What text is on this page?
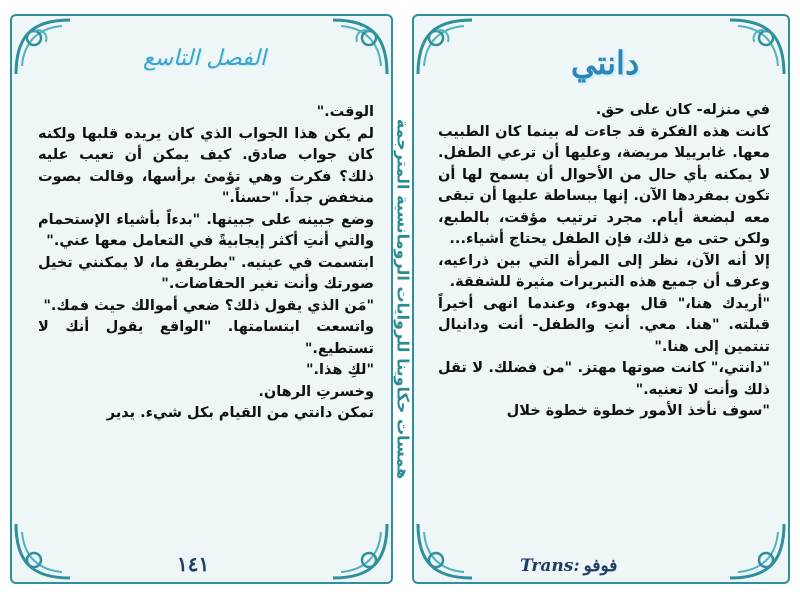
الفصل التاسع

الوقت."

لم يكن هذا الجواب الذي كان يريده قلبها ولكنه كان جواب صادق. كيف يمكن أن تعيب عليه ذلك؟ فكرت وهي تؤمئ برأسها، وقالت بصوت منخفض جداً. "حسناً."

وضع جبينه على جبينها. "بدءاً بأشياء الإستحمام والتي أنتِ أكثر إيجابيةً في التعامل معها عني."

ابتسمت في عينيه. "بطريقةٍ ما، لا يمكنني تخيل صورتك وأنت تغير الحفاضات."

"مَن الذي يقول ذلك؟ ضعي أموالك حيث فمك."

واتسعت ابتسامتها. "الواقع يقول أنك لا تستطيع."

"لكِ هذا."

وخسرتِ الرهان.

تمكن دانتي من القيام بكل شيء. يدير

١٤١
همسات حكاوينا للروايات الرومانسية المترجمة
دانتي

في منزله- كان على حق.

كانت هذه الفكرة قد جاءت له بينما كان الطبيب معها. غابرييلا مريضة، وعليها أن ترعي الطفل. لا يمكنه بأي حال من الأحوال أن يسمح لها أن تكون بمفردها الآن. إنها ببساطة عليها أن تبقى معه لبضعة أيام. مجرد ترتيب مؤقت، بالطبع، ولكن حتى مع ذلك، فإن الطفل يحتاج أشياء...

إلا أنه الآن، نظر إلى المرأة التي بين ذراعيه، وعرف أن جميع هذه التبريرات مثيرة للشفقة.

"أريدك هنا،" قال بهدوء، وعندما انهى أخيراً قبلته. "هنا. معي. أنتِ والطفل- أنت ودانيال تنتمين إلى هنا."

"دانتي،" كانت صوتها مهتز. "من فضلك. لا تقل ذلك وأنت لا تعنيه."

"سوف نأخذ الأمور خطوة خطوة خلال

Trans: فوفو
